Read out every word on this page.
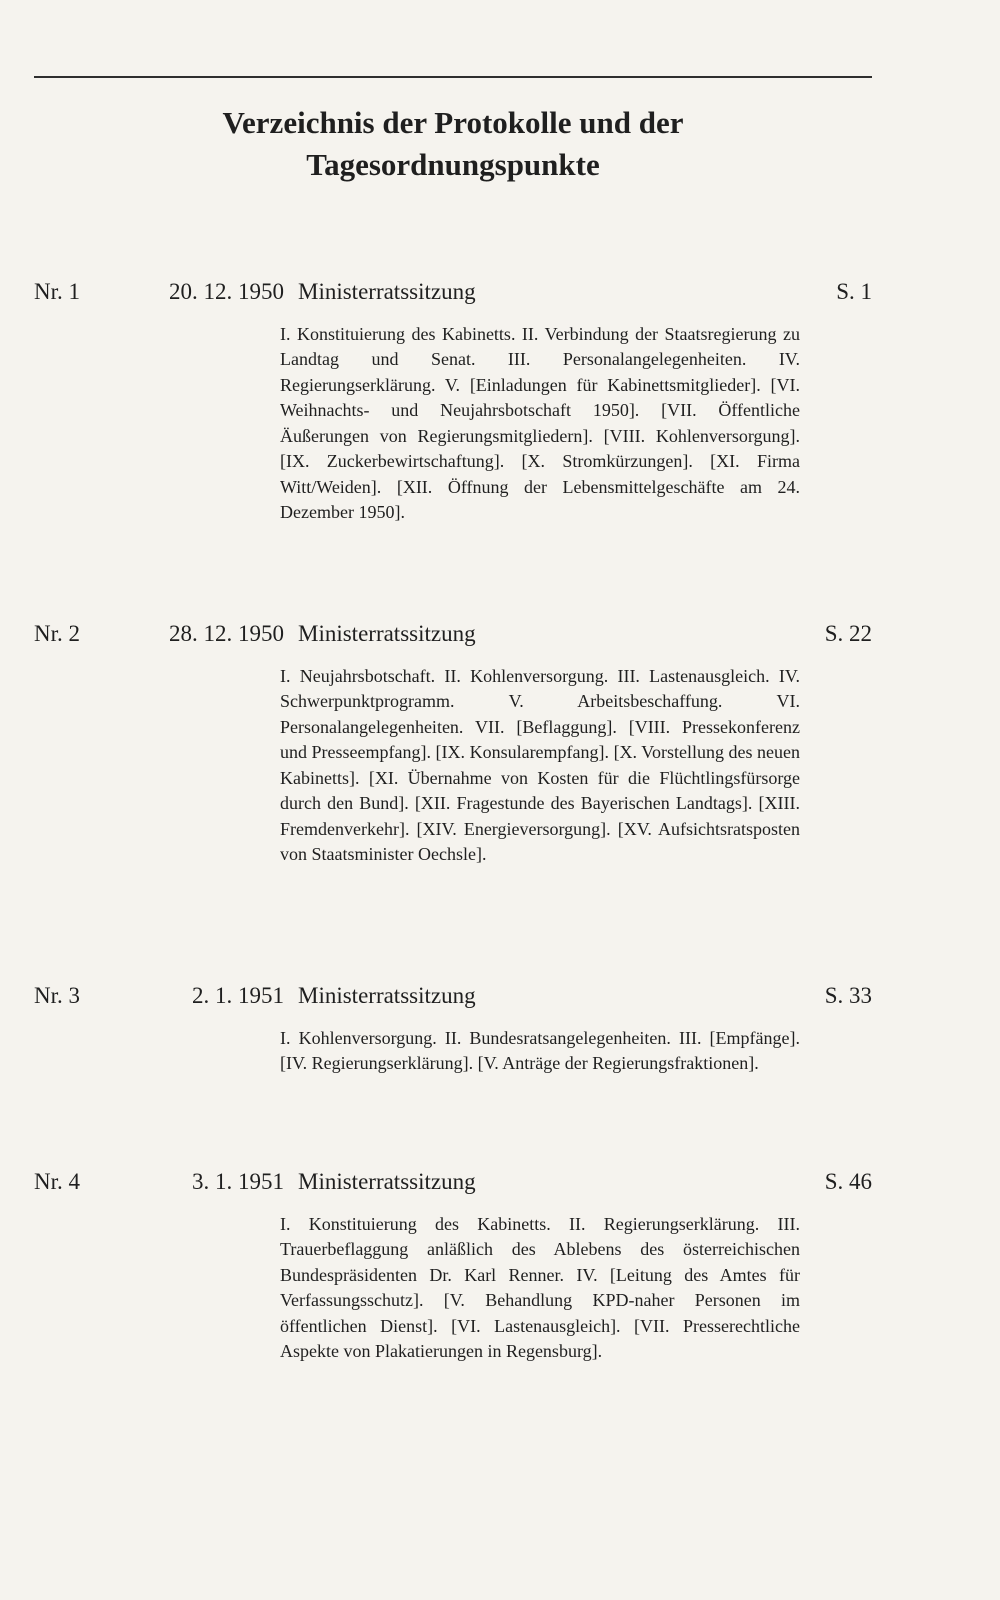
Verzeichnis der Protokolle und der
Tagesordnungspunkte
Nr. 1	20. 12. 1950 Ministerratssitzung	S. 1

I. Konstituierung des Kabinetts. II. Verbindung der Staatsregierung zu Landtag und Senat. III. Personalangelegenheiten. IV. Regierungserklärung. V. [Einladungen für Kabinettsmitglieder]. [VI. Weihnachts- und Neujahrsbotschaft 1950]. [VII. Öffentliche Äußerungen von Regierungsmitgliedern]. [VIII. Kohlenversorgung]. [IX. Zuckerbewirtschaftung]. [X. Stromkürzungen]. [XI. Firma Witt/Weiden]. [XII. Öffnung der Lebensmittelgeschäfte am 24. Dezember 1950].

Nr. 2	28. 12. 1950 Ministerratssitzung	S. 22

I. Neujahrsbotschaft. II. Kohlenversorgung. III. Lastenausgleich. IV. Schwerpunktprogramm. V. Arbeitsbeschaffung. VI. Personalangelegenheiten. VII. [Beflaggung]. [VIII. Pressekonferenz und Presseempfang]. [IX. Konsularempfang]. [X. Vorstellung des neuen Kabinetts]. [XI. Übernahme von Kosten für die Flüchtlingsfürsorge durch den Bund]. [XII. Fragestunde des Bayerischen Landtags]. [XIII. Fremdenverkehr]. [XIV. Energieversorgung]. [XV. Aufsichtsratsposten von Staatsminister Oechsle].

Nr. 3	2. 1. 1951 Ministerratssitzung	S. 33

I. Kohlenversorgung. II. Bundesratsangelegenheiten. III. [Empfänge]. [IV. Regierungserklärung]. [V. Anträge der Regierungsfraktionen].

Nr. 4	3. 1. 1951 Ministerratssitzung	S. 46

I. Konstituierung des Kabinetts. II. Regierungserklärung. III. Trauerbeflaggung anläßlich des Ablebens des österreichischen Bundespräsidenten Dr. Karl Renner. IV. [Leitung des Amtes für Verfassungsschutz]. [V. Behandlung KPD-naher Personen im öffentlichen Dienst]. [VI. Lastenausgleich]. [VII. Presserechtliche Aspekte von Plakatierungen in Regensburg].
